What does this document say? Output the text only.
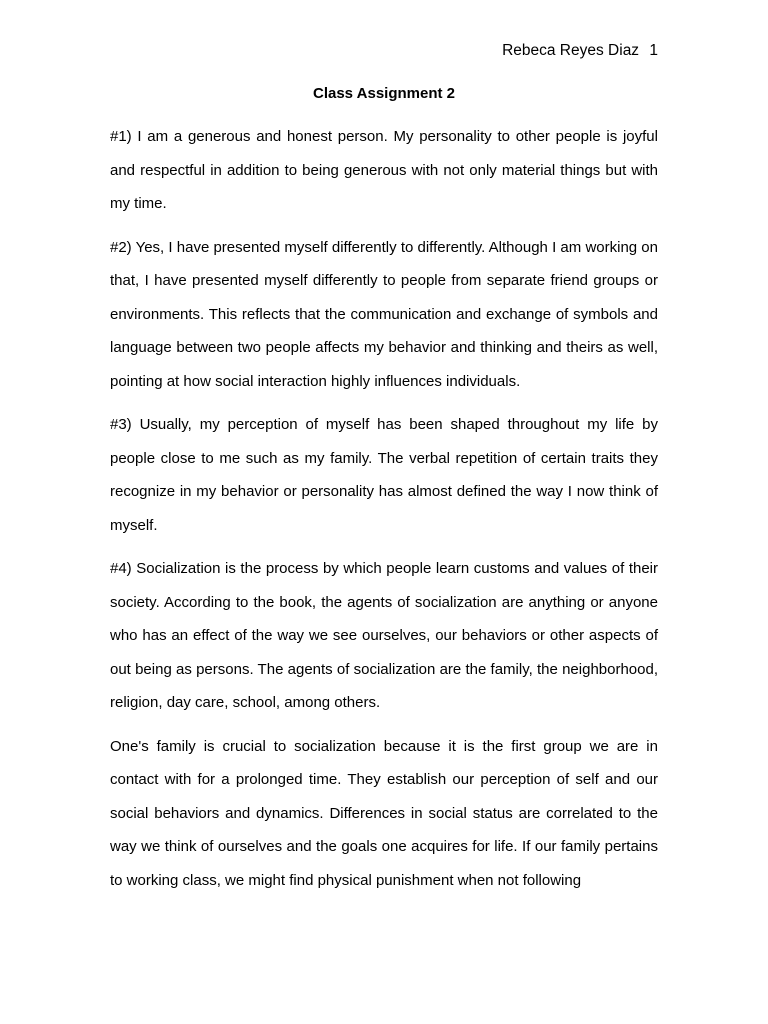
Rebeca Reyes Diaz 1
Class Assignment 2

#1) I am a generous and honest person. My personality to other people is joyful and respectful in addition to being generous with not only material things but with my time.

#2) Yes, I have presented myself differently to differently. Although I am working on that, I have presented myself differently to people from separate friend groups or environments. This reflects that the communication and exchange of symbols and language between two people affects my behavior and thinking and theirs as well, pointing at how social interaction highly influences individuals.

#3) Usually, my perception of myself has been shaped throughout my life by people close to me such as my family. The verbal repetition of certain traits they recognize in my behavior or personality has almost defined the way I now think of myself.

#4) Socialization is the process by which people learn customs and values of their society. According to the book, the agents of socialization are anything or anyone who has an effect of the way we see ourselves, our behaviors or other aspects of out being as persons. The agents of socialization are the family, the neighborhood, religion, day care, school, among others.

One's family is crucial to socialization because it is the first group we are in contact with for a prolonged time. They establish our perception of self and our social behaviors and dynamics. Differences in social status are correlated to the way we think of ourselves and the goals one acquires for life. If our family pertains to working class, we might find physical punishment when not following
